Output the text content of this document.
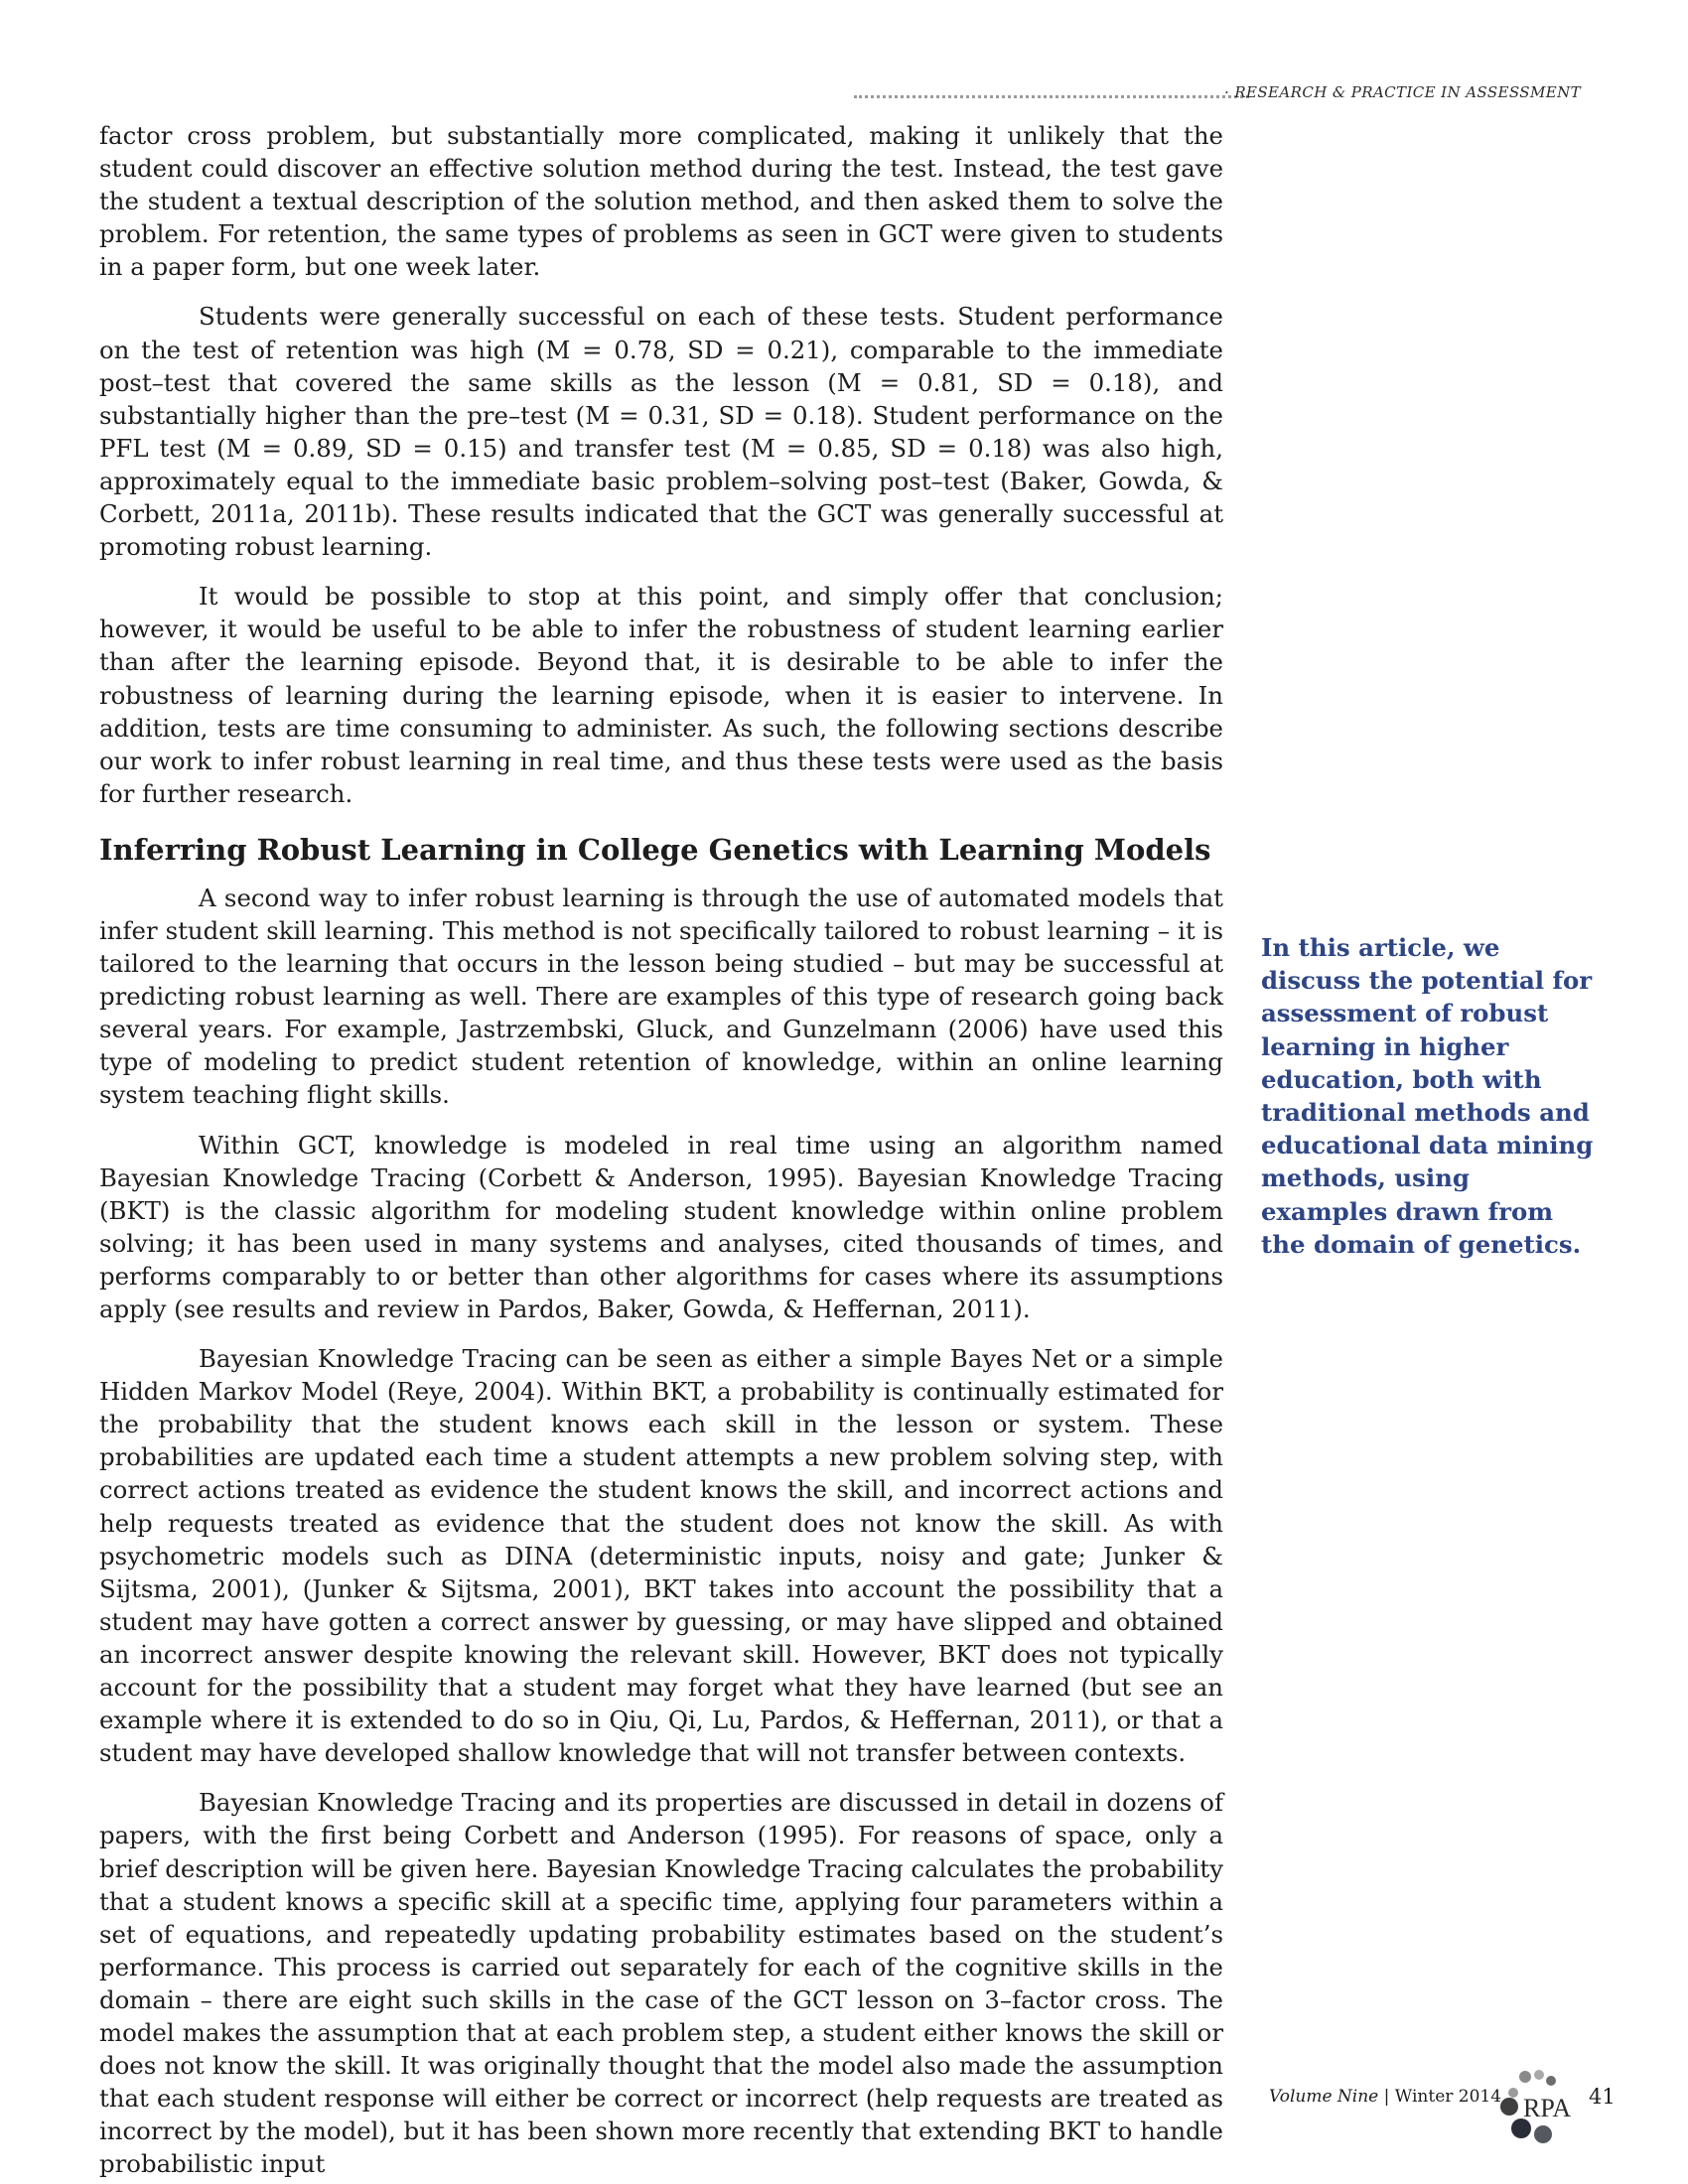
· RESEARCH & PRACTICE IN ASSESSMENT

factor cross problem, but substantially more complicated, making it unlikely that the student could discover an effective solution method during the test. Instead, the test gave the student a textual description of the solution method, and then asked them to solve the problem. For retention, the same types of problems as seen in GCT were given to students in a paper form, but one week later.

Students were generally successful on each of these tests. Student performance on the test of retention was high (M = 0.78, SD = 0.21), comparable to the immediate post–test that covered the same skills as the lesson (M = 0.81, SD = 0.18), and substantially higher than the pre–test (M = 0.31, SD = 0.18). Student performance on the PFL test (M = 0.89, SD = 0.15) and transfer test (M = 0.85, SD = 0.18) was also high, approximately equal to the immediate basic problem–solving post–test (Baker, Gowda, & Corbett, 2011a, 2011b). These results indicated that the GCT was generally successful at promoting robust learning.

It would be possible to stop at this point, and simply offer that conclusion; however, it would be useful to be able to infer the robustness of student learning earlier than after the learning episode. Beyond that, it is desirable to be able to infer the robustness of learning during the learning episode, when it is easier to intervene. In addition, tests are time consuming to administer. As such, the following sections describe our work to infer robust learning in real time, and thus these tests were used as the basis for further research.

Inferring Robust Learning in College Genetics with Learning Models

A second way to infer robust learning is through the use of automated models that infer student skill learning. This method is not specifically tailored to robust learning – it is tailored to the learning that occurs in the lesson being studied – but may be successful at predicting robust learning as well. There are examples of this type of research going back several years. For example, Jastrzembski, Gluck, and Gunzelmann (2006) have used this type of modeling to predict student retention of knowledge, within an online learning system teaching flight skills.

Within GCT, knowledge is modeled in real time using an algorithm named Bayesian Knowledge Tracing (Corbett & Anderson, 1995). Bayesian Knowledge Tracing (BKT) is the classic algorithm for modeling student knowledge within online problem solving; it has been used in many systems and analyses, cited thousands of times, and performs comparably to or better than other algorithms for cases where its assumptions apply (see results and review in Pardos, Baker, Gowda, & Heffernan, 2011).

Bayesian Knowledge Tracing can be seen as either a simple Bayes Net or a simple Hidden Markov Model (Reye, 2004). Within BKT, a probability is continually estimated for the probability that the student knows each skill in the lesson or system. These probabilities are updated each time a student attempts a new problem solving step, with correct actions treated as evidence the student knows the skill, and incorrect actions and help requests treated as evidence that the student does not know the skill. As with psychometric models such as DINA (deterministic inputs, noisy and gate; Junker & Sijtsma, 2001), (Junker & Sijtsma, 2001), BKT takes into account the possibility that a student may have gotten a correct answer by guessing, or may have slipped and obtained an incorrect answer despite knowing the relevant skill. However, BKT does not typically account for the possibility that a student may forget what they have learned (but see an example where it is extended to do so in Qiu, Qi, Lu, Pardos, & Heffernan, 2011), or that a student may have developed shallow knowledge that will not transfer between contexts.

Bayesian Knowledge Tracing and its properties are discussed in detail in dozens of papers, with the first being Corbett and Anderson (1995). For reasons of space, only a brief description will be given here. Bayesian Knowledge Tracing calculates the probability that a student knows a specific skill at a specific time, applying four parameters within a set of equations, and repeatedly updating probability estimates based on the student’s performance. This process is carried out separately for each of the cognitive skills in the domain – there are eight such skills in the case of the GCT lesson on 3–factor cross. The model makes the assumption that at each problem step, a student either knows the skill or does not know the skill. It was originally thought that the model also made the assumption that each student response will either be correct or incorrect (help requests are treated as incorrect by the model), but it has been shown more recently that extending BKT to handle probabilistic input

In this article, we discuss the potential for assessment of robust learning in higher education, both with traditional methods and educational data mining methods, using examples drawn from the domain of genetics.
Volume Nine | Winter 2014 RPA 41
